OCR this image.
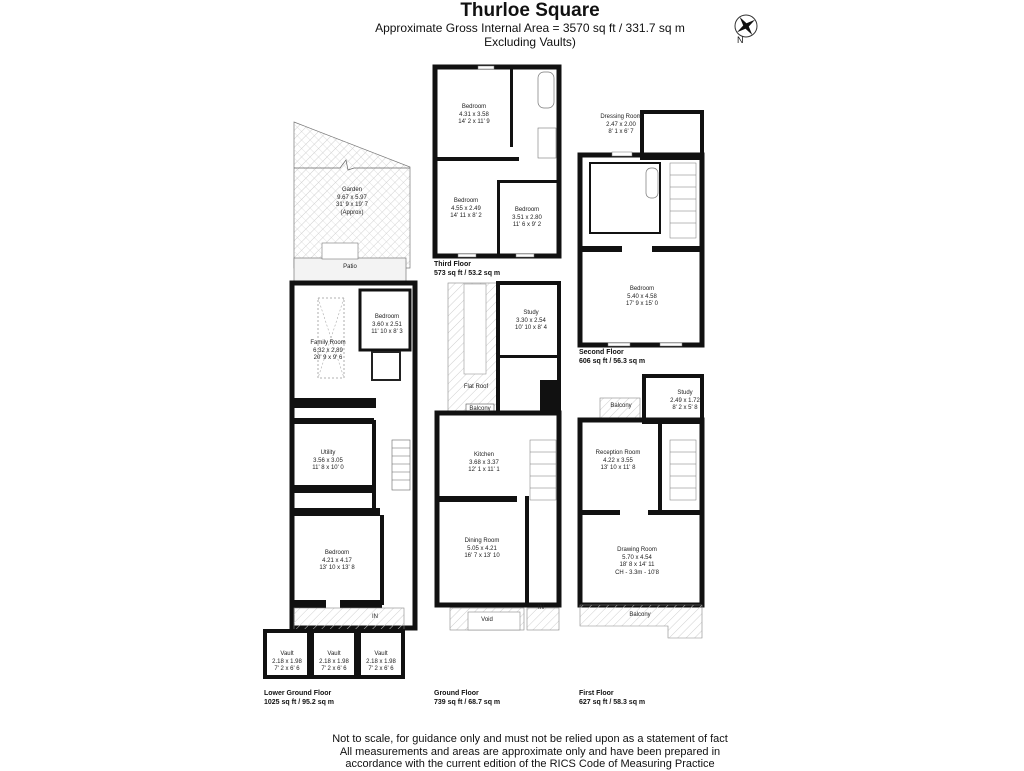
Thurloe Square
Approximate Gross Internal Area = 3570 sq ft / 331.7 sq m
Excluding Vaults)	N
Garden
9.67 x 5.97
31' 9 x 19' 7
(Approx)
Patio
Family Room
6.32 x 2.89
20' 9 x 9' 6
Bedroom
3.60 x 2.51
11' 10 x 8' 3
Utility
3.56 x 3.05
11' 8 x 10' 0
Bedroom
4.21 x 4.17
13' 10 x 13' 8
IN
Vault
2.18 x 1.98
7' 2 x 6' 6
Vault
2.18 x 1.98
7' 2 x 6' 6
Vault
2.18 x 1.98
7' 2 x 6' 6
Lower Ground Floor
1025 sq ft / 95.2 sq m
Bedroom
4.31 x 3.58
14' 2 x 11' 9
Bedroom
4.55 x 2.49
14' 11 x 8' 2
Bedroom
3.51 x 2.80
11' 6 x 9' 2
Third Floor
573 sq ft / 53.2 sq m
Dressing Room
2.47 x 2.00
8' 1 x 6' 7
Bedroom
5.40 x 4.58
17' 9 x 15' 0
Second Floor
606 sq ft / 56.3 sq m
Study
3.30 x 2.54
10' 10 x 8' 4
Flat Roof
Balcony
Kitchen
3.68 x 3.37
12' 1 x 11' 1
Dining Room
5.05 x 4.21
16' 7 x 13' 10
Void
IN
Ground Floor
739 sq ft / 68.7 sq m
Study
2.49 x 1.72
8' 2 x 5' 8
Balcony
Reception Room
4.22 x 3.55
13' 10 x 11' 8
Drawing Room
5.70 x 4.54
18' 8 x 14' 11
CH - 3.3m - 10'8
Balcony
First Floor
627 sq ft / 58.3 sq m
Not to scale, for guidance only and must not be relied upon as a statement of fact
All measurements and areas are approximate only and have been prepared in
accordance with the current edition of the RICS Code of Measuring Practice
